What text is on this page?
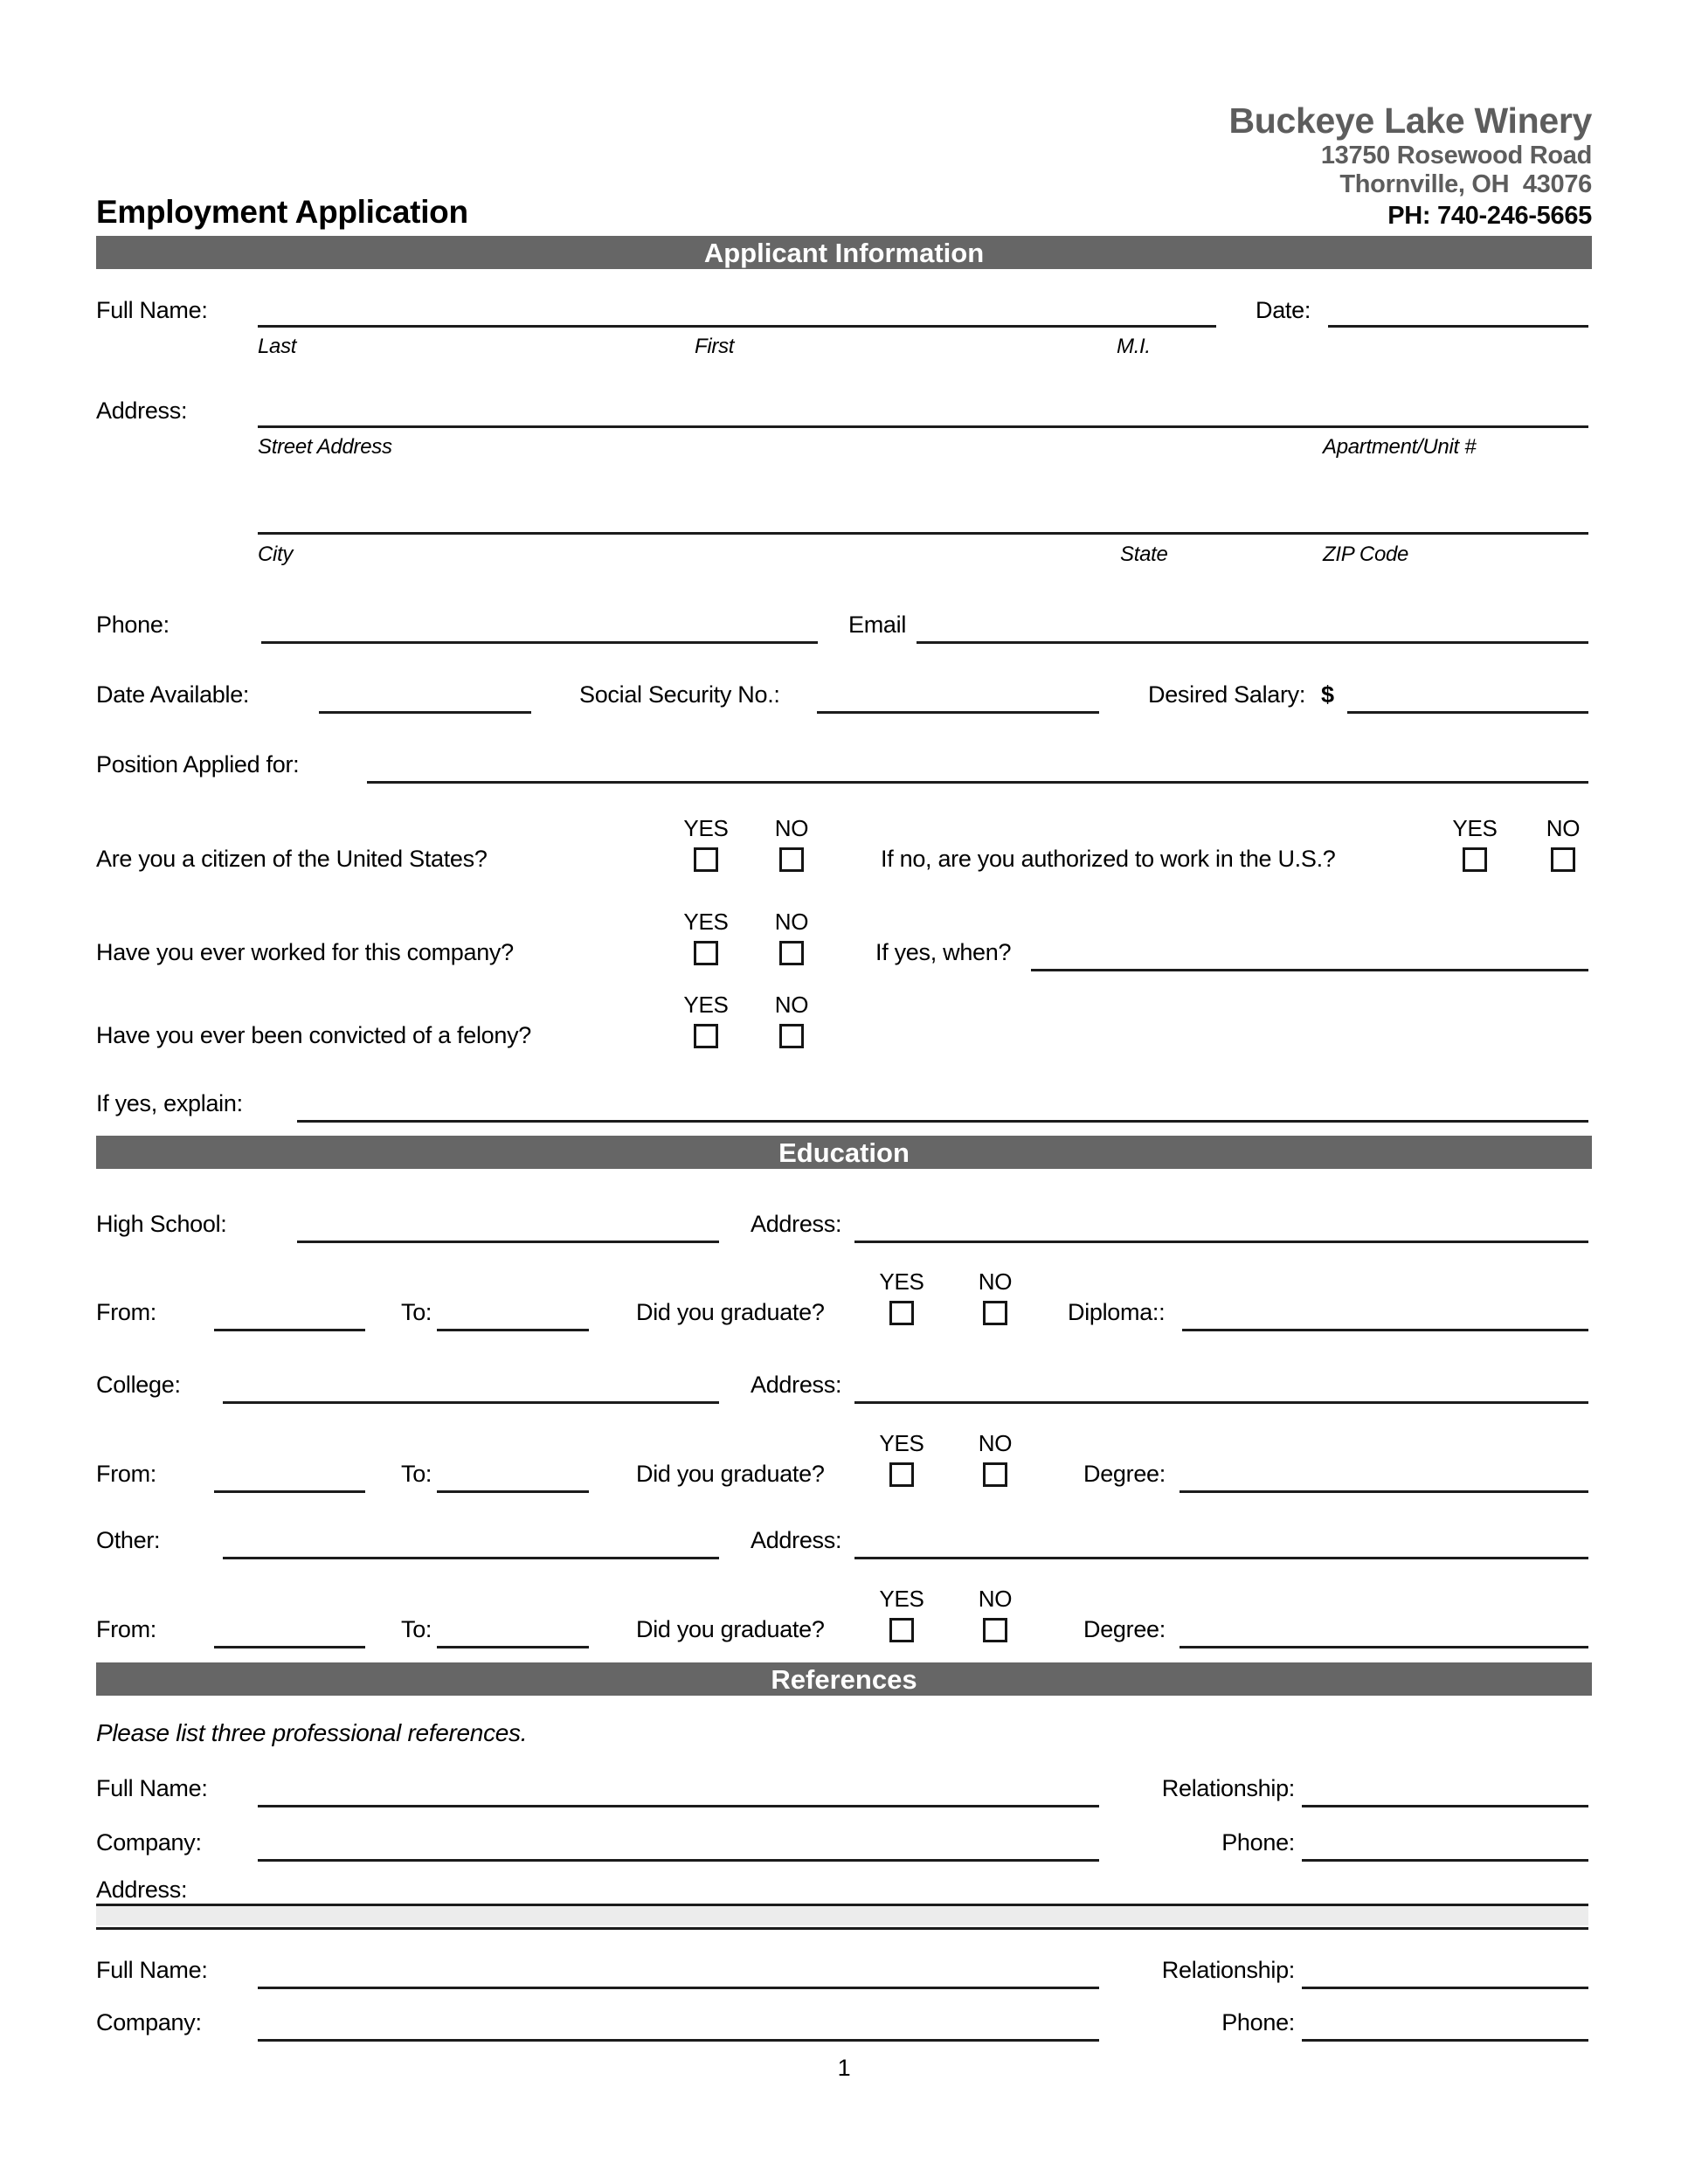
Buckeye Lake Winery
13750 Rosewood Road
Thornville, OH  43076
PH: 740-246-5665
Employment Application
Applicant Information
Full Name:	Date:
Last	First	M.I.
Address:
Street Address	Apartment/Unit #
City	State	ZIP Code
Phone:	Email
Date Available:	Social Security No.:	Desired Salary: $
Position Applied for:
YES NO	YES NO
Are you a citizen of the United States?	If no, are you authorized to work in the U.S.?
YES NO
Have you ever worked for this company?	If yes, when?
YES NO
Have you ever been convicted of a felony?
If yes, explain:
Education
High School:	Address:
YES NO
From:	To:	Did you graduate?	Diploma::
College:	Address:
YES NO
From:	To:	Did you graduate?	Degree:
Other:	Address:
YES NO
From:	To:	Did you graduate?	Degree:
References
Please list three professional references.
Full Name:	Relationship:
Company:	Phone:
Address:
Full Name:	Relationship:
Company:	Phone:
1
